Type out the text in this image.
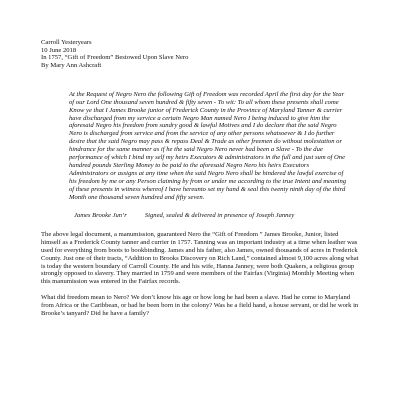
Carroll Yesteryears
10 June 2018
In 1757, “Gift of Freedom” Bestowed Upon Slave Nero
By Mary Ann Ashcraft

At the Request of Negro Nero the following Gift of Freedom was recorded April the first day for the Year of our Lord One thousand seven hundred & fifty seven - To wit: To all whom these presents shall come Know ye that I James Brooke junior of Frederick County in the Province of Maryland Tanner & currier have discharged from my service a certain Negro Man named Nero I being induced to give him the aforesaid Negro his freedom from sundry good & lawful Motives and I do declare that the said Negro Nero is discharged from service and from the service of any other persons whatsoever & I do further desire that the said Negro may pass & repass Deal & Trade as other freemen do without molestation or hindrance for the same manner as if he the said Negro Nero never had been a Slave - To the due performance of which I bind my self my heirs Executors & administrators in the full and just sum of One hundred pounds Sterling Money to be paid to the aforesaid Negro Nero his heirs Executors Administrators or assigns at any time when the said Negro Nero shall be hindered the lawful exercise of his freedom by me or any Person claiming by from or under me according to the true Intent and meaning of these presents in witness whereof I have hereunto set my hand & seal this twenty ninth day of the third Month one thousand seven hundred and fifty seven.

James Brooke Jun’r	Signed, sealed & delivered in presence of Joseph Janney

The above legal document, a manumission, guaranteed Nero the “Gift of Freedom ” James Brooke, Junior, listed himself as a Frederick County tanner and currier in 1757. Tanning was an important industry at a time when leather was used for everything from boots to bookbinding. James and his father, also James, owned thousands of acres in Frederick County. Just one of their tracts, “Addition to Brooks Discovery on Rich Land,” contained almost 9,100 acres along what is today the western boundary of Carroll County. He and his wife, Hanna Janney, were both Quakers, a religious group strongly opposed to slavery. They married in 1759 and were members of the Fairfax (Virginia) Monthly Meeting when this manumission was entered in the Fairfax records.

What did freedom mean to Nero? We don’t know his age or how long he had been a slave. Had he come to Maryland from Africa or the Caribbean, or had he been born in the colony? Was he a field hand, a house servant, or did he work in Brooke’s tanyard? Did he have a family?
